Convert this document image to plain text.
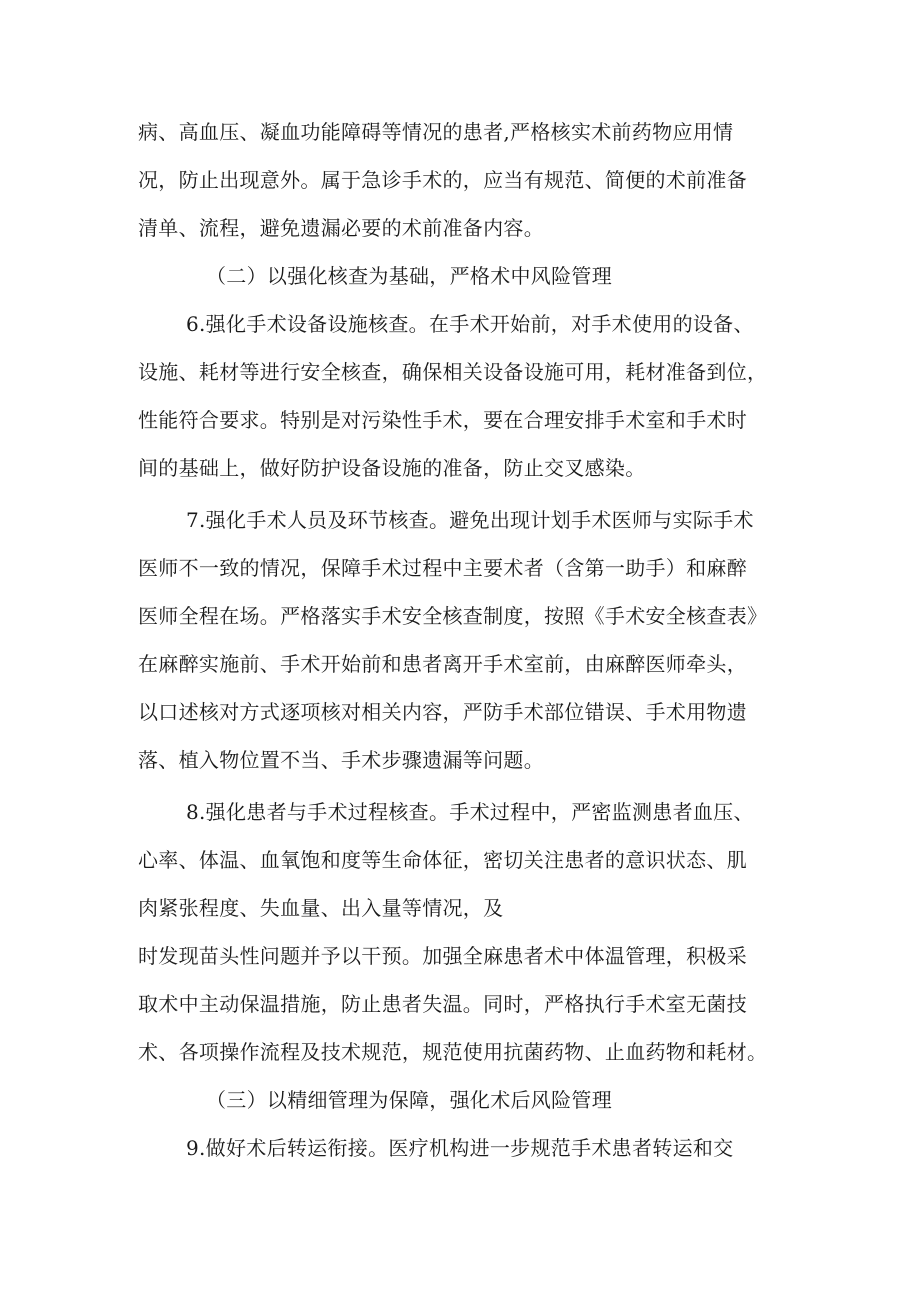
病、高血压、凝血功能障碍等情况的患者,严格核实术前药物应用情
况，防止出现意外。属于急诊手术的，应当有规范、简便的术前准备
清单、流程，避免遗漏必要的术前准备内容。
（二）以强化核查为基础，严格术中风险管理
6.强化手术设备设施核查。在手术开始前，对手术使用的设备、
设施、耗材等进行安全核查，确保相关设备设施可用，耗材准备到位，
性能符合要求。特别是对污染性手术，要在合理安排手术室和手术时
间的基础上，做好防护设备设施的准备，防止交叉感染。
7.强化手术人员及环节核查。避免出现计划手术医师与实际手术
医师不一致的情况，保障手术过程中主要术者（含第一助手）和麻醉
医师全程在场。严格落实手术安全核查制度，按照《手术安全核查表》
在麻醉实施前、手术开始前和患者离开手术室前，由麻醉医师牵头，
以口述核对方式逐项核对相关内容，严防手术部位错误、手术用物遗
落、植入物位置不当、手术步骤遗漏等问题。
8.强化患者与手术过程核查。手术过程中，严密监测患者血压、
心率、体温、血氧饱和度等生命体征，密切关注患者的意识状态、肌
肉紧张程度、失血量、出入量等情况，及
时发现苗头性问题并予以干预。加强全麻患者术中体温管理，积极采
取术中主动保温措施，防止患者失温。同时，严格执行手术室无菌技
术、各项操作流程及技术规范，规范使用抗菌药物、止血药物和耗材。
（三）以精细管理为保障，强化术后风险管理
9.做好术后转运衔接。医疗机构进一步规范手术患者转运和交
